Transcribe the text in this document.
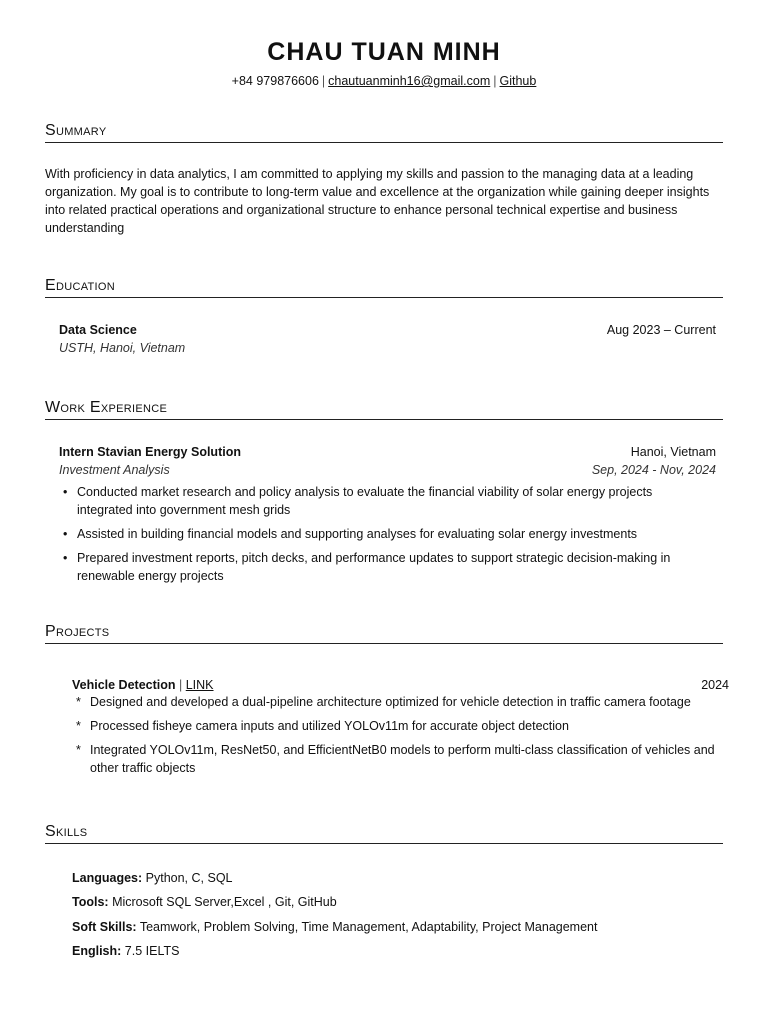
CHAU TUAN MINH
+84 979876606 | chautuanminh16@gmail.com | Github
Summary
With proficiency in data analytics, I am committed to applying my skills and passion to the managing data at a leading organization. My goal is to contribute to long-term value and excellence at the organization while gaining deeper insights into related practical operations and organizational structure to enhance personal technical expertise and business understanding
Education
Data Science	Aug 2023 – Current
USTH, Hanoi, Vietnam
Work Experience
Intern Stavian Energy Solution	Hanoi, Vietnam
Investment Analysis	Sep, 2024 - Nov, 2024
• Conducted market research and policy analysis to evaluate the financial viability of solar energy projects integrated into government mesh grids
• Assisted in building financial models and supporting analyses for evaluating solar energy investments
• Prepared investment reports, pitch decks, and performance updates to support strategic decision-making in renewable energy projects
Projects
Vehicle Detection | LINK	2024
* Designed and developed a dual-pipeline architecture optimized for vehicle detection in traffic camera footage
* Processed fisheye camera inputs and utilized YOLOv11m for accurate object detection
* Integrated YOLOv11m, ResNet50, and EfficientNetB0 models to perform multi-class classification of vehicles and other traffic objects
Skills
Languages: Python, C, SQL
Tools: Microsoft SQL Server,Excel , Git, GitHub
Soft Skills: Teamwork, Problem Solving, Time Management, Adaptability, Project Management
English: 7.5 IELTS
